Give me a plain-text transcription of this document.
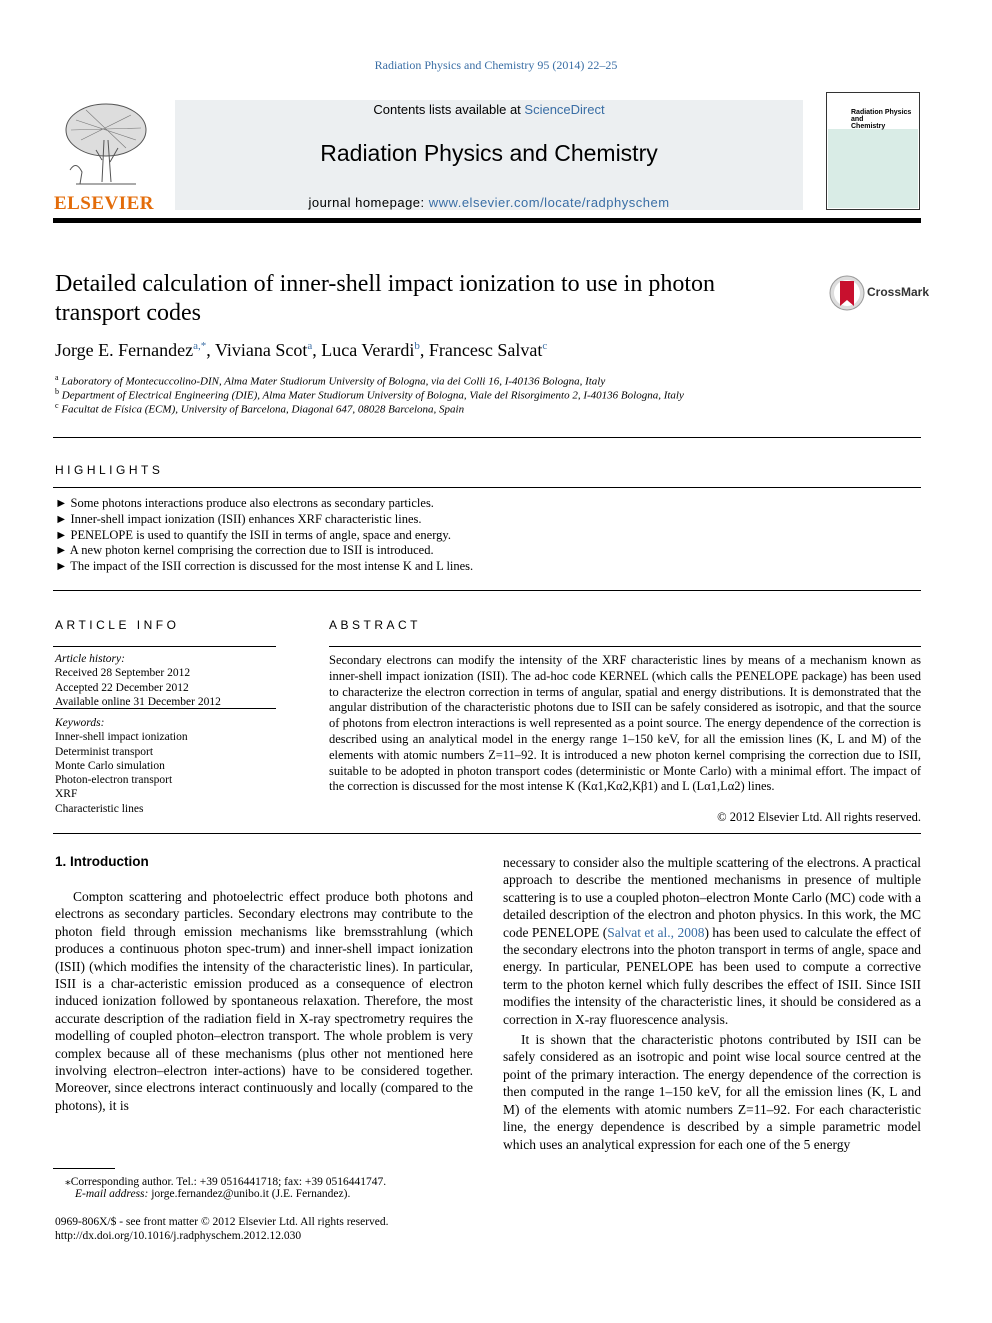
Radiation Physics and Chemistry 95 (2014) 22–25
ELSEVIER
Contents lists available at ScienceDirect
Radiation Physics and Chemistry
journal homepage: www.elsevier.com/locate/radphyschem
Radiation Physics and
Chemistry
Detailed calculation of inner-shell impact ionization to use in photon
transport codes
CrossMark
Jorge E. Fernandez$^{a,*}$, Viviana Scot$^a$, Luca Verardi$^b$, Francesc Salvat$^c$
$^a$ Laboratory of Montecuccolino-DIN, Alma Mater Studiorum University of Bologna, via dei Colli 16, I-40136 Bologna, Italy
$^b$ Department of Electrical Engineering (DIE), Alma Mater Studiorum University of Bologna, Viale del Risorgimento 2, I-40136 Bologna, Italy
$^c$ Facultat de Física (ECM), University of Barcelona, Diagonal 647, 08028 Barcelona, Spain
HIGHLIGHTS
► Some photons interactions produce also electrons as secondary particles.
► Inner-shell impact ionization (ISII) enhances XRF characteristic lines.
► PENELOPE is used to quantify the ISII in terms of angle, space and energy.
► A new photon kernel comprising the correction due to ISII is introduced.
► The impact of the ISII correction is discussed for the most intense K and L lines.
ARTICLE INFO
Article history:
Received 28 September 2012
Accepted 22 December 2012
Available online 31 December 2012
Keywords:
Inner-shell impact ionization
Determinist transport
Monte Carlo simulation
Photon-electron transport
XRF
Characteristic lines
ABSTRACT
Secondary electrons can modify the intensity of the XRF characteristic lines by means of a mechanism known as inner-shell impact ionization (ISII). The ad-hoc code KERNEL (which calls the PENELOPE package) has been used to characterize the electron correction in terms of angular, spatial and energy distributions. It is demonstrated that the angular distribution of the characteristic photons due to ISII can be safely considered as isotropic, and that the source of photons from electron interactions is well represented as a point source. The energy dependence of the correction is described using an analytical model in the energy range 1–150 keV, for all the emission lines (K, L and M) of the elements with atomic numbers Z=11–92. It is introduced a new photon kernel comprising the correction due to ISII, suitable to be adopted in photon transport codes (deterministic or Monte Carlo) with a minimal effort. The impact of the correction is discussed for the most intense K (Kα1,Kα2,Kβ1) and L (Lα1,Lα2) lines.
© 2012 Elsevier Ltd. All rights reserved.
1. Introduction

Compton scattering and photoelectric effect produce both photons and electrons as secondary particles. Secondary electrons may contribute to the photon field through emission mechanisms like bremsstrahlung (which produces a continuous photon spec-trum) and inner-shell impact ionization (ISII) (which modifies the intensity of the characteristic lines). In particular, ISII is a char-acteristic emission produced as a consequence of electron induced ionization followed by spontaneous relaxation. Therefore, the most accurate description of the radiation field in X-ray spectrometry requires the modelling of coupled photon–electron transport. The whole problem is very complex because all of these mechanisms (plus other not mentioned here involving electron–electron inter-actions) have to be considered together. Moreover, since electrons interact continuously and locally (compared to the photons), it is

necessary to consider also the multiple scattering of the electrons. A practical approach to describe the mentioned mechanisms in presence of multiple scattering is to use a coupled photon–electron Monte Carlo (MC) code with a detailed description of the electron and photon physics. In this work, the MC code PENELOPE (Salvat et al., 2008) has been used to calculate the effect of the secondary electrons into the photon transport in terms of angle, space and energy. In particular, PENELOPE has been used to compute a corrective term to the photon kernel which fully describes the effect of ISII. Since ISII modifies the intensity of the characteristic lines, it should be considered as a correction in X-ray fluorescence analysis.

It is shown that the characteristic photons contributed by ISII can be safely considered as an isotropic and point wise local source centred at the point of the primary interaction. The energy dependence of the correction is then computed in the range 1–150 keV, for all the emission lines (K, L and M) of the elements with atomic numbers Z=11–92. For each characteristic line, the energy dependence is described by a simple parametric model which uses an analytical expression for each one of the 5 energy

⁎Corresponding author. Tel.: +39 0516441718; fax: +39 0516441747.
E-mail address: jorge.fernandez@unibo.it (J.E. Fernandez).
0969-806X/$ - see front matter © 2012 Elsevier Ltd. All rights reserved.
http://dx.doi.org/10.1016/j.radphyschem.2012.12.030
